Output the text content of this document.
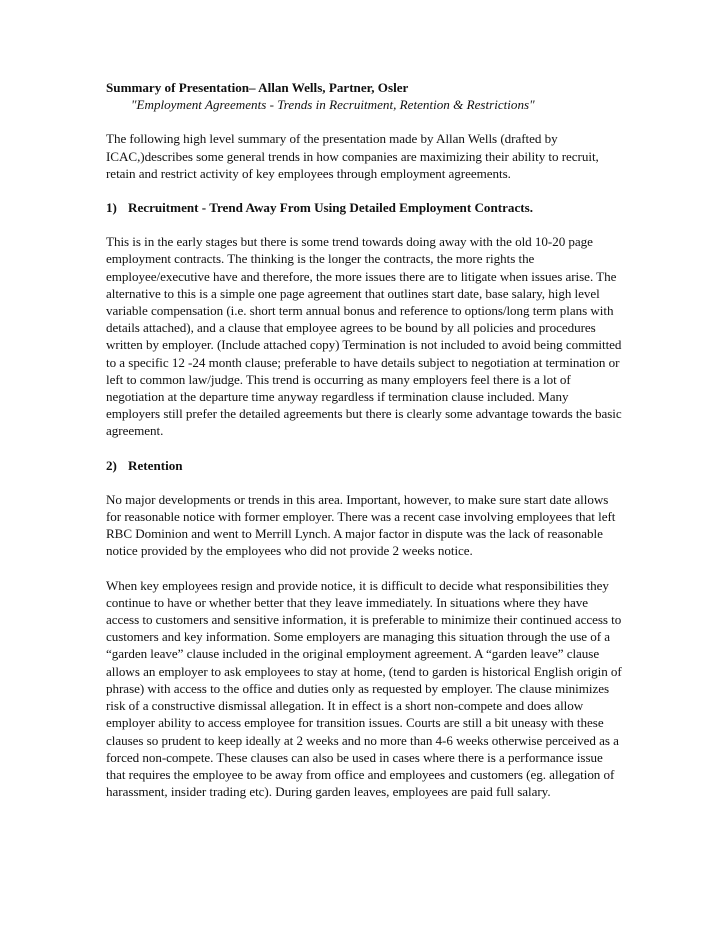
Summary of Presentation– Allan Wells, Partner, Osler

"Employment Agreements - Trends in Recruitment, Retention & Restrictions"

The following high level summary of the presentation made by Allan Wells (drafted by ICAC,)describes some general trends in how companies are maximizing their ability to recruit, retain and restrict activity of key employees through employment agreements.

1) Recruitment - Trend Away From Using Detailed Employment Contracts.

This is in the early stages but there is some trend towards doing away with the old 10-20 page employment contracts. The thinking is the longer the contracts, the more rights the employee/executive have and therefore, the more issues there are to litigate when issues arise. The alternative to this is a simple one page agreement that outlines start date, base salary, high level variable compensation (i.e. short term annual bonus and reference to options/long term plans with details attached), and a clause that employee agrees to be bound by all policies and procedures written by employer. (Include attached copy) Termination is not included to avoid being committed to a specific 12 -24 month clause; preferable to have details subject to negotiation at termination or left to common law/judge. This trend is occurring as many employers feel there is a lot of negotiation at the departure time anyway regardless if termination clause included. Many employers still prefer the detailed agreements but there is clearly some advantage towards the basic agreement.

2) Retention

No major developments or trends in this area. Important, however, to make sure start date allows for reasonable notice with former employer. There was a recent case involving employees that left RBC Dominion and went to Merrill Lynch. A major factor in dispute was the lack of reasonable notice provided by the employees who did not provide 2 weeks notice.

When key employees resign and provide notice, it is difficult to decide what responsibilities they continue to have or whether better that they leave immediately. In situations where they have access to customers and sensitive information, it is preferable to minimize their continued access to customers and key information. Some employers are managing this situation through the use of a “garden leave” clause included in the original employment agreement. A “garden leave” clause allows an employer to ask employees to stay at home, (tend to garden is historical English origin of phrase) with access to the office and duties only as requested by employer. The clause minimizes risk of a constructive dismissal allegation. It in effect is a short non-compete and does allow employer ability to access employee for transition issues. Courts are still a bit uneasy with these clauses so prudent to keep ideally at 2 weeks and no more than 4-6 weeks otherwise perceived as a forced non-compete. These clauses can also be used in cases where there is a performance issue that requires the employee to be away from office and employees and customers (eg. allegation of harassment, insider trading etc). During garden leaves, employees are paid full salary.
